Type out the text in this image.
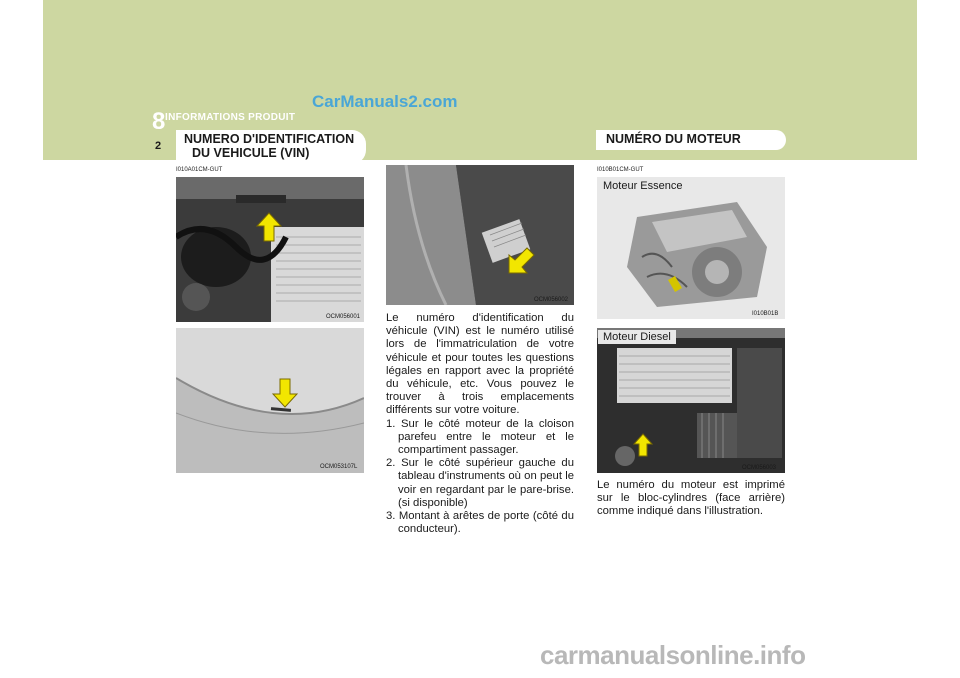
CarManuals2.com
8 INFORMATIONS PRODUIT
2 NUMERO D'IDENTIFICATION
DU VEHICULE (VIN)
I010A01CM-GUT
OCM056001
OCM053107L
OCM056002

Le numéro d'identification du véhicule (VIN) est le numéro utilisé lors de l'immatriculation de votre véhicule et pour toutes les questions légales en rapport avec la propriété du véhicule, etc. Vous pouvez le trouver à trois emplacements différents sur votre voiture.

1. Sur le côté moteur de la cloison parefeu entre le moteur et le compartiment passager.
2. Sur le côté supérieur gauche du tableau d'instruments où on peut le voir en regardant par le pare-brise. (si disponible)
3. Montant à arêtes de porte (côté du conducteur).
NUMÉRO DU MOTEUR
I010B01CM-GUT
Moteur Essence
I010B01B
Moteur Diesel
OCM056003
Le numéro du moteur est imprimé sur le bloc-cylindres (face arrière) comme indiqué dans l'illustration.
carmanualsonline.info
